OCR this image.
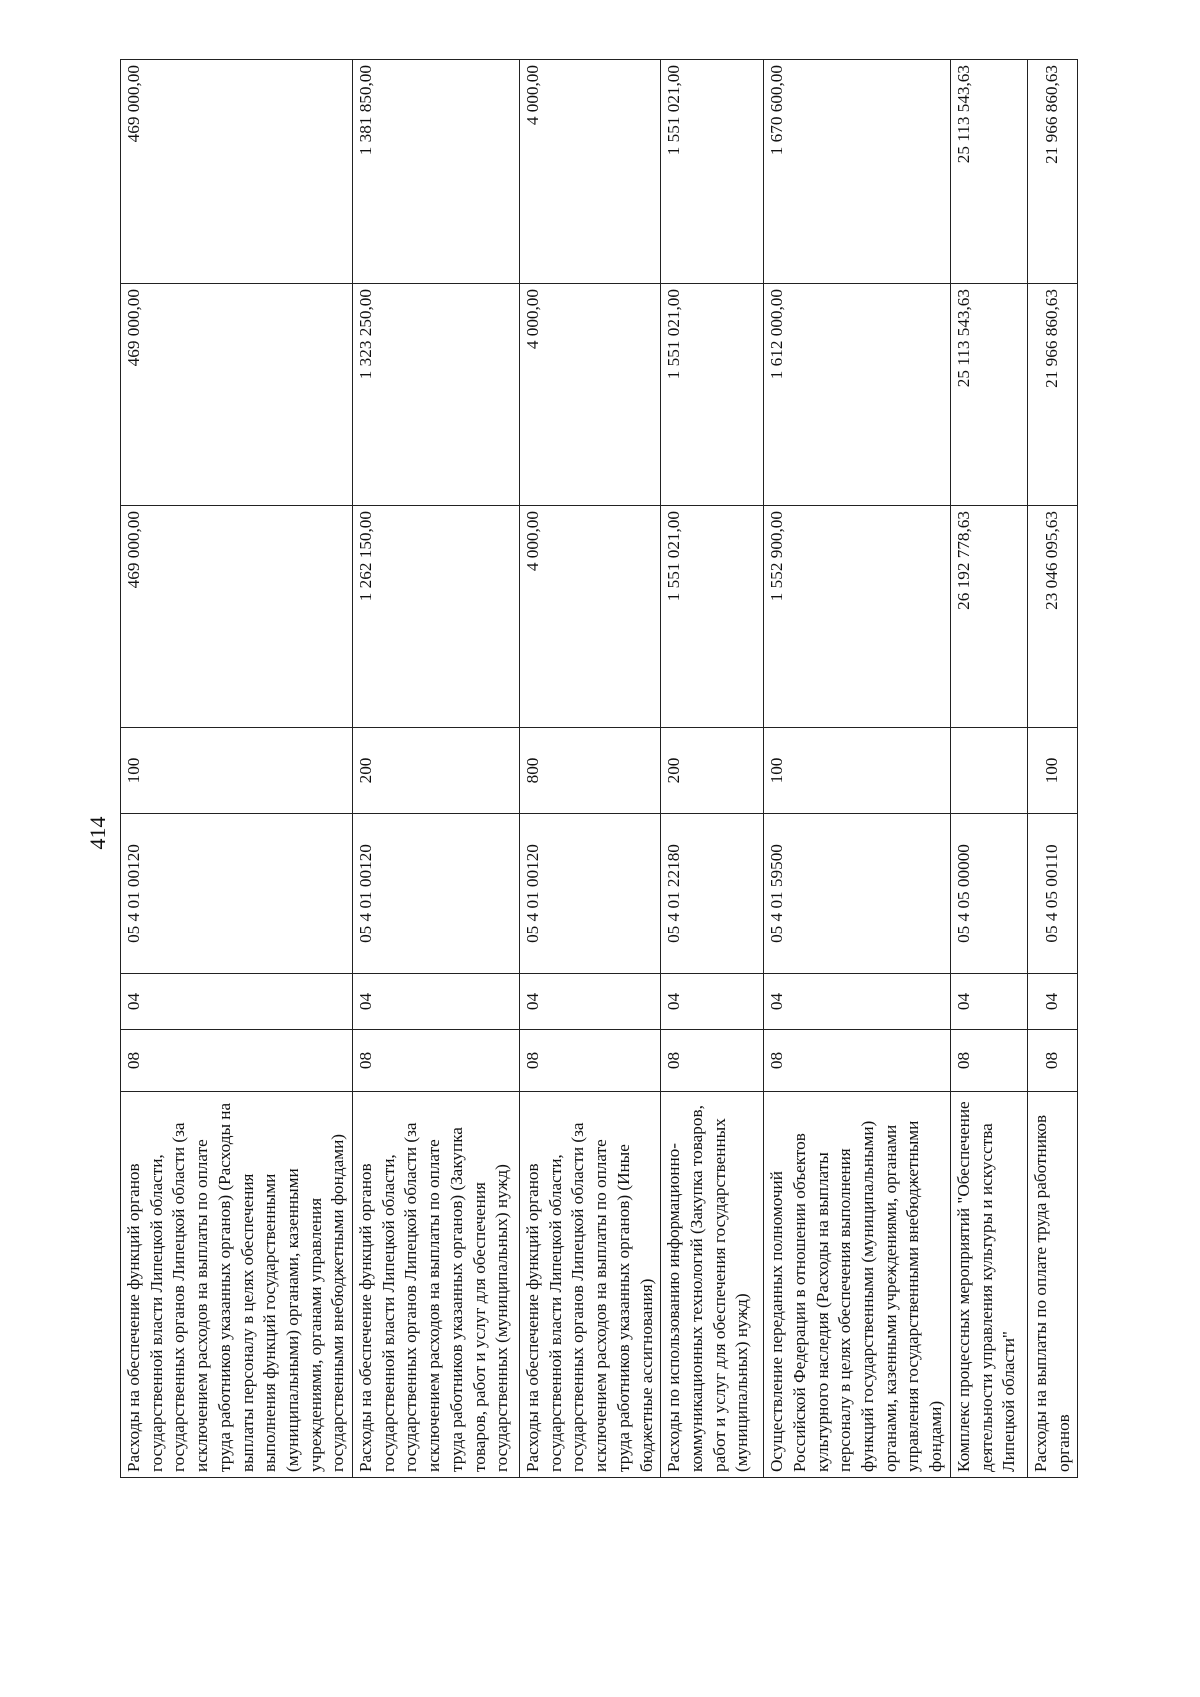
414
Расходы на обеспечение функций органов государственной власти Липецкой области, государственных органов Липецкой области (за исключением расходов на выплаты по оплате труда работников указанных органов) (Расходы на выплаты персоналу в целях обеспечения выполнения функций государственными (муниципальными) органами, казенными учреждениями, органами управления государственными внебюджетными фондами)	08	04	05 4 01 00120	100	469 000,00	469 000,00	469 000,00
Расходы на обеспечение функций органов государственной власти Липецкой области, государственных органов Липецкой области (за исключением расходов на выплаты по оплате труда работников указанных органов) (Закупка товаров, работ и услуг для обеспечения государственных (муниципальных) нужд)	08	04	05 4 01 00120	200	1 262 150,00	1 323 250,00	1 381 850,00
Расходы на обеспечение функций органов государственной власти Липецкой области, государственных органов Липецкой области (за исключением расходов на выплаты по оплате труда работников указанных органов) (Иные бюджетные ассигнования)	08	04	05 4 01 00120	800	4 000,00	4 000,00	4 000,00
Расходы по использованию информационно-коммуникационных технологий (Закупка товаров, работ и услуг для обеспечения государственных (муниципальных) нужд)	08	04	05 4 01 22180	200	1 551 021,00	1 551 021,00	1 551 021,00
Осуществление переданных полномочий Российской Федерации в отношении объектов культурного наследия (Расходы на выплаты персоналу в целях обеспечения выполнения функций государственными (муниципальными) органами, казенными учреждениями, органами управления государственными внебюджетными фондами)	08	04	05 4 01 59500	100	1 552 900,00	1 612 000,00	1 670 600,00
Комплекс процессных мероприятий "Обеспечение деятельности управления культуры и искусства Липецкой области"	08	04	05 4 05 00000		26 192 778,63	25 113 543,63	25 113 543,63
Расходы на выплаты по оплате труда работников органов	08	04	05 4 05 00110	100	23 046 095,63	21 966 860,63	21 966 860,63
